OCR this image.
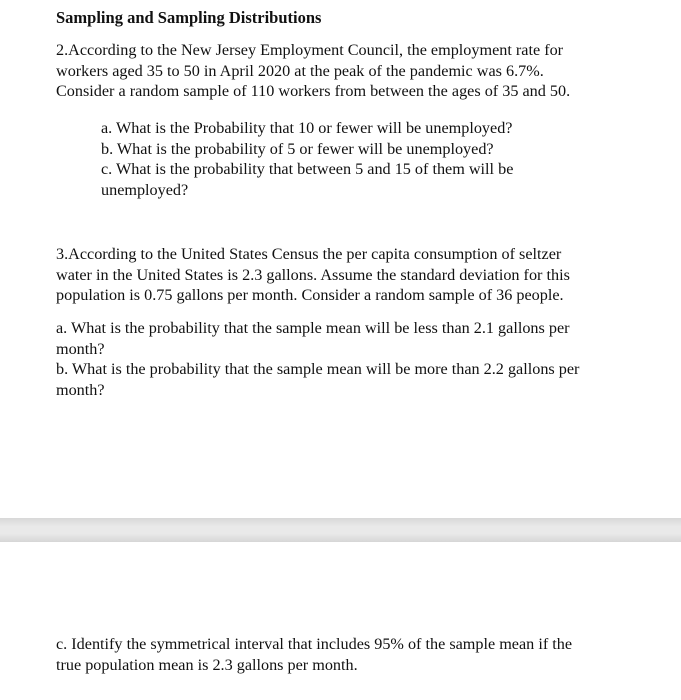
Sampling and Sampling Distributions

2.According to the New Jersey Employment Council, the employment rate for
workers aged 35 to 50 in April 2020 at the peak of the pandemic was 6.7%.
Consider a random sample of 110 workers from between the ages of 35 and 50.

a. What is the Probability that 10 or fewer will be unemployed?
b. What is the probability of 5 or fewer will be unemployed?
c. What is the probability that between 5 and 15 of them will be
unemployed?

3.According to the United States Census the per capita consumption of seltzer
water in the United States is 2.3 gallons. Assume the standard deviation for this
population is 0.75 gallons per month. Consider a random sample of 36 people.

a. What is the probability that the sample mean will be less than 2.1 gallons per
month?
b. What is the probability that the sample mean will be more than 2.2 gallons per
month?

c. Identify the symmetrical interval that includes 95% of the sample mean if the
true population mean is 2.3 gallons per month.
